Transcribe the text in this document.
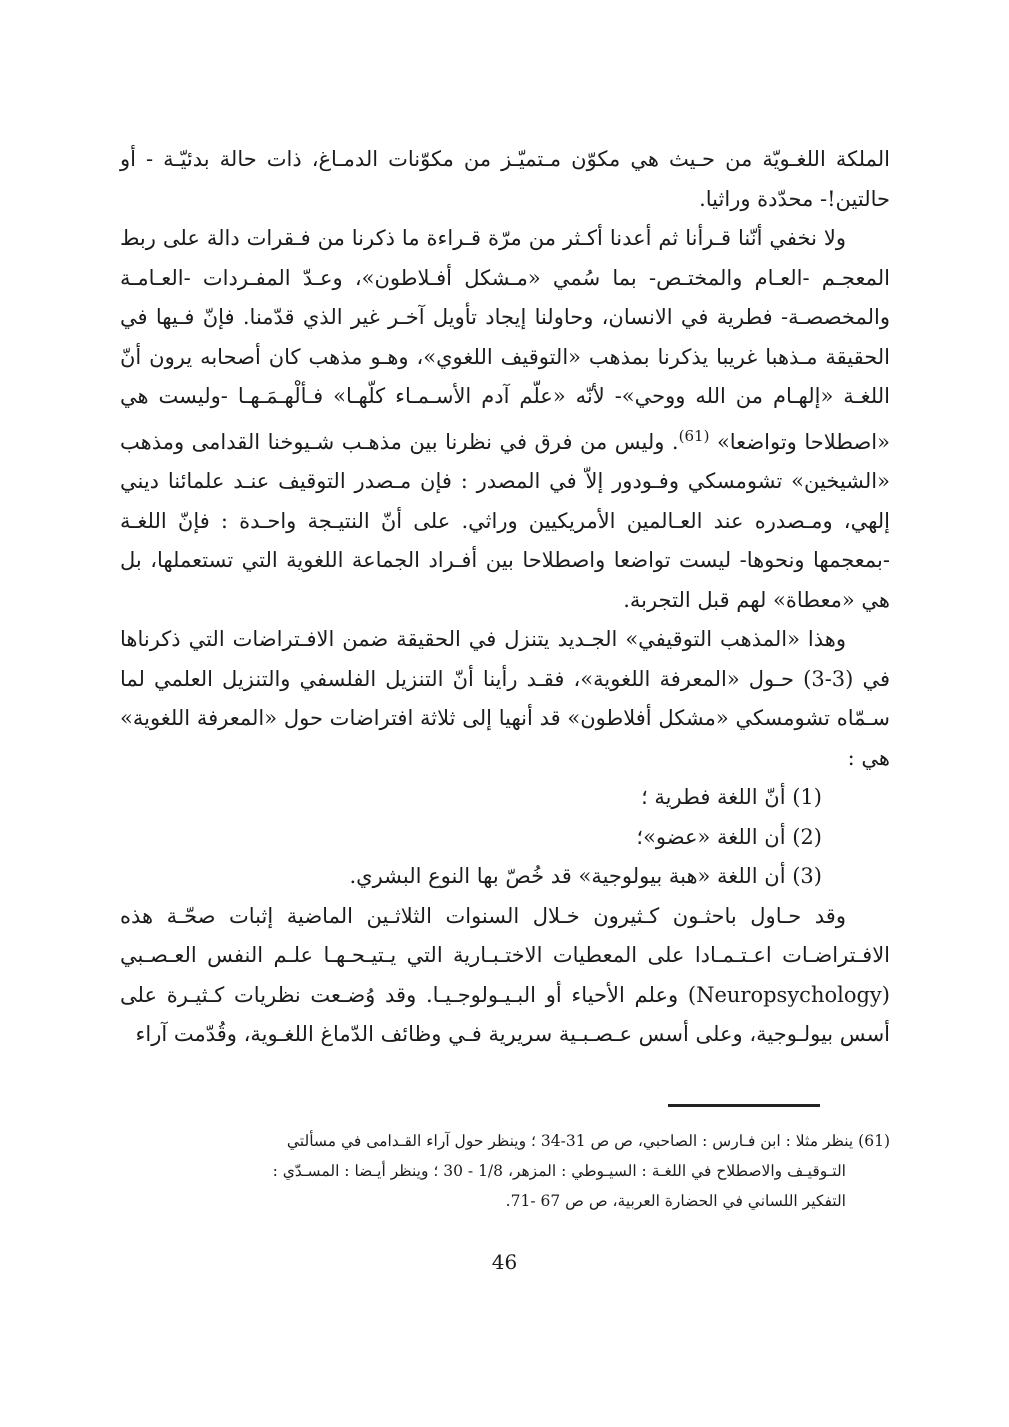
الملكة اللغـويّة من حـيث هي مكوّن مـتميّـز من مكوّنات الدمـاغ، ذات حالة بدئيّـة - أو حالتين!- محدّدة وراثيا.

ولا نخفي أنّنا قـرأنا ثم أعدنا أكـثر من مرّة قـراءة ما ذكرنا من فـقرات دالة على ربط المعجـم -العـام والمختـص- بما سُمي «مـشكل أفـلاطون»، وعـدّ المفـردات -العـامـة والمخصصـة- فطرية في الانسان، وحاولنا إيجاد تأويل آخـر غير الذي قدّمنا. فإنّ فـيها في الحقيقة مـذهبا غريبا يذكرنا بمذهب «التوقيف اللغوي»، وهـو مذهب كان أصحابه يرون أنّ اللغـة «إلهـام من الله ووحي»- لأنّه «علّم آدم الأسـمـاء كلّهـا» فـألْهـمَـهـا -وليست هي «اصطلاحا وتواضعا» $^{(61)}$. وليس من فرق في نظرنا بين مذهـب شـيوخنا القدامى ومذهب «الشيخين» تشومسكي وفـودور إلاّ في المصدر : فإن مـصدر التوقيف عنـد علمائنا ديني إلهي، ومـصدره عند العـالمين الأمريكيين وراثي. على أنّ النتيـجة واحـدة : فإنّ اللغـة -بمعجمها ونحوها- ليست تواضعا واصطلاحا بين أفـراد الجماعة اللغوية التي تستعملها، بل هي «معطاة» لهم قبل التجربة.

وهذا «المذهب التوقيفي» الجـديد يتنزل في الحقيقة ضمن الافـتراضات التي ذكرناها في (3-3) حـول «المعرفة اللغوية»، فقـد رأينا أنّ التنزيل الفلسفي والتنزيل العلمي لما سـمّاه تشومسكي «مشكل أفلاطون» قد أنهيا إلى ثلاثة افتراضات حول «المعرفة اللغوية» هي :

(1) أنّ اللغة فطرية ؛

(2) أن اللغة «عضو»؛

(3) أن اللغة «هبة بيولوجية» قد خُصّ بها النوع البشري.

وقد حـاول باحثـون كـثيرون خـلال السنوات الثلاثـين الماضية إثبات صحّـة هذه الافـتراضـات اعـتـمـادا على المعطيات الاختـبـارية التي يـتيـحـهـا علـم النفس العـصـبي (Neuropsychology) وعلم الأحياء أو البـيـولوجـيـا. وقد وُضـعت نظريات كـثيـرة على أسس بيولـوجية، وعلى أسس عـصـبـية سريرية فـي وظائف الدّماغ اللغـوية، وقُدّمت آراء

(61) ينظر مثلا : ابن فـارس : الصاحبي، ص ص 31-34 ؛ وينظر حول آراء القـدامى في مسألتي

التـوقيـف والاصطلاح في اللغـة : السيـوطي : المزهر، 1/8 - 30 ؛ وينظر أيـضا : المسـدّي :

التفكير اللساني في الحضارة العربية، ص ص 67 -71.

46
